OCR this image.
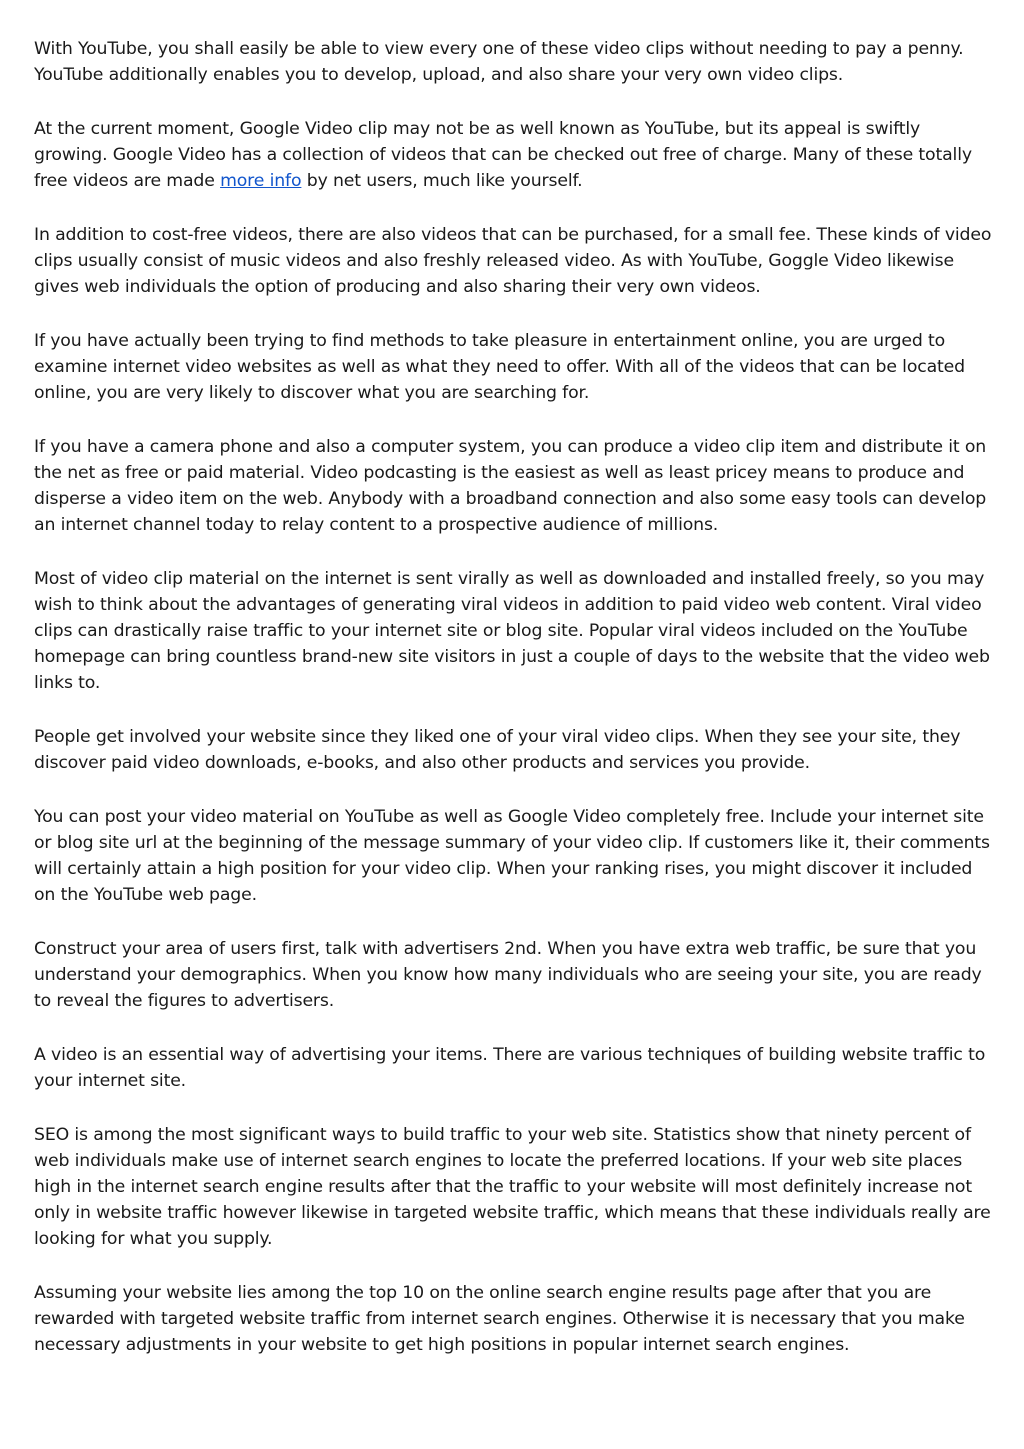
With YouTube, you shall easily be able to view every one of these video clips without needing to pay a penny. YouTube additionally enables you to develop, upload, and also share your very own video clips.

At the current moment, Google Video clip may not be as well known as YouTube, but its appeal is swiftly growing. Google Video has a collection of videos that can be checked out free of charge. Many of these totally free videos are made more info by net users, much like yourself.

In addition to cost-free videos, there are also videos that can be purchased, for a small fee. These kinds of video clips usually consist of music videos and also freshly released video. As with YouTube, Goggle Video likewise gives web individuals the option of producing and also sharing their very own videos.

If you have actually been trying to find methods to take pleasure in entertainment online, you are urged to examine internet video websites as well as what they need to offer. With all of the videos that can be located online, you are very likely to discover what you are searching for.

If you have a camera phone and also a computer system, you can produce a video clip item and distribute it on the net as free or paid material. Video podcasting is the easiest as well as least pricey means to produce and disperse a video item on the web. Anybody with a broadband connection and also some easy tools can develop an internet channel today to relay content to a prospective audience of millions.

Most of video clip material on the internet is sent virally as well as downloaded and installed freely, so you may wish to think about the advantages of generating viral videos in addition to paid video web content. Viral video clips can drastically raise traffic to your internet site or blog site. Popular viral videos included on the YouTube homepage can bring countless brand-new site visitors in just a couple of days to the website that the video web links to.

People get involved your website since they liked one of your viral video clips. When they see your site, they discover paid video downloads, e-books, and also other products and services you provide.

You can post your video material on YouTube as well as Google Video completely free. Include your internet site or blog site url at the beginning of the message summary of your video clip. If customers like it, their comments will certainly attain a high position for your video clip. When your ranking rises, you might discover it included on the YouTube web page.

Construct your area of users first, talk with advertisers 2nd. When you have extra web traffic, be sure that you understand your demographics. When you know how many individuals who are seeing your site, you are ready to reveal the figures to advertisers.

A video is an essential way of advertising your items. There are various techniques of building website traffic to your internet site.

SEO is among the most significant ways to build traffic to your web site. Statistics show that ninety percent of web individuals make use of internet search engines to locate the preferred locations. If your web site places high in the internet search engine results after that the traffic to your website will most definitely increase not only in website traffic however likewise in targeted website traffic, which means that these individuals really are looking for what you supply.

Assuming your website lies among the top 10 on the online search engine results page after that you are rewarded with targeted website traffic from internet search engines. Otherwise it is necessary that you make necessary adjustments in your website to get high positions in popular internet search engines.
